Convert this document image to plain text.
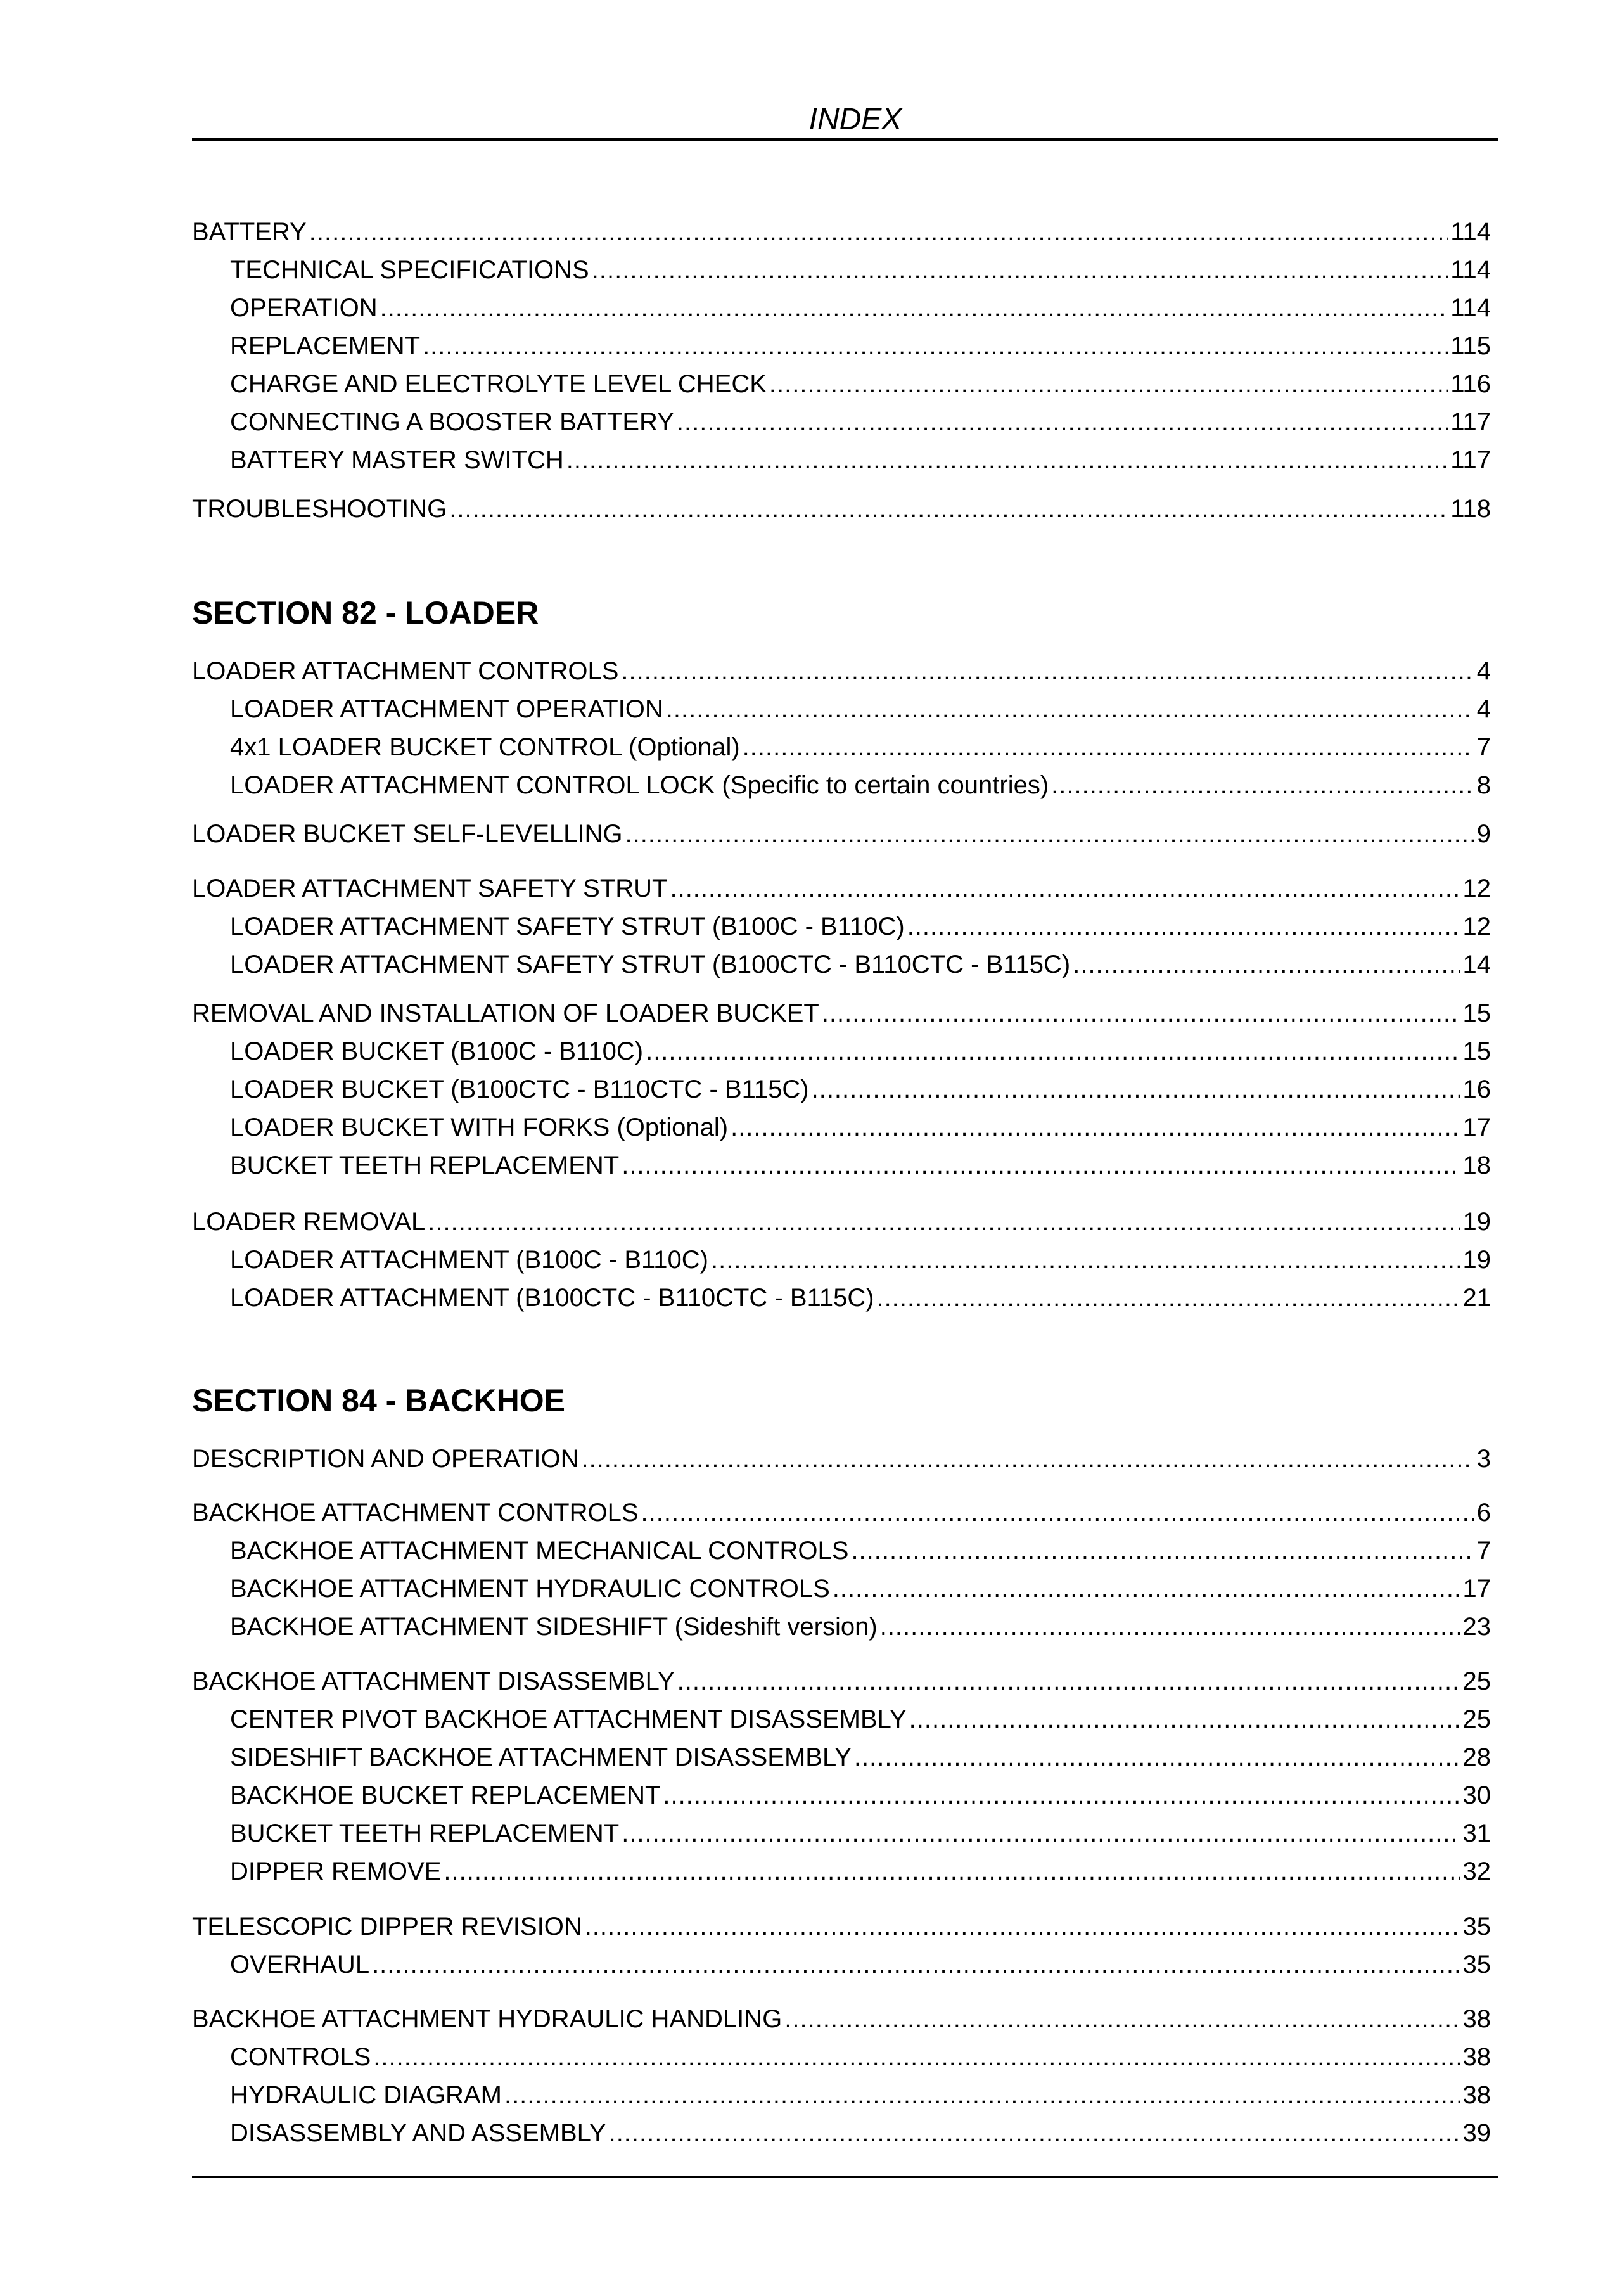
INDEX
BATTERY .....	114
TECHNICAL SPECIFICATIONS .....	114
OPERATION .....	114
REPLACEMENT .....	115
CHARGE AND ELECTROLYTE LEVEL CHECK .....	116
CONNECTING A BOOSTER BATTERY .....	117
BATTERY MASTER SWITCH .....	117
TROUBLESHOOTING .....	118
SECTION 82 - LOADER
LOADER ATTACHMENT CONTROLS .....	4
LOADER ATTACHMENT OPERATION .....	4
4x1 LOADER BUCKET CONTROL (Optional) .....	7
LOADER ATTACHMENT CONTROL LOCK (Specific to certain countries) .....	8
LOADER BUCKET SELF-LEVELLING .....	9
LOADER ATTACHMENT SAFETY STRUT .....	12
LOADER ATTACHMENT SAFETY STRUT (B100C - B110C) .....	12
LOADER ATTACHMENT SAFETY STRUT (B100CTC - B110CTC - B115C) .....	14
REMOVAL AND INSTALLATION OF LOADER BUCKET .....	15
LOADER BUCKET (B100C - B110C) .....	15
LOADER BUCKET (B100CTC - B110CTC - B115C) .....	16
LOADER BUCKET WITH FORKS (Optional) .....	17
BUCKET TEETH REPLACEMENT .....	18
LOADER REMOVAL .....	19
LOADER ATTACHMENT (B100C - B110C) .....	19
LOADER ATTACHMENT (B100CTC - B110CTC - B115C) .....	21
SECTION 84 - BACKHOE
DESCRIPTION AND OPERATION .....	3
BACKHOE ATTACHMENT CONTROLS .....	6
BACKHOE ATTACHMENT MECHANICAL CONTROLS .....	7
BACKHOE ATTACHMENT HYDRAULIC CONTROLS .....	17
BACKHOE ATTACHMENT SIDESHIFT (Sideshift version) .....	23
BACKHOE ATTACHMENT DISASSEMBLY .....	25
CENTER PIVOT BACKHOE ATTACHMENT DISASSEMBLY .....	25
SIDESHIFT BACKHOE ATTACHMENT DISASSEMBLY .....	28
BACKHOE BUCKET REPLACEMENT .....	30
BUCKET TEETH REPLACEMENT .....	31
DIPPER REMOVE .....	32
TELESCOPIC DIPPER REVISION .....	35
OVERHAUL .....	35
BACKHOE ATTACHMENT HYDRAULIC HANDLING .....	38
CONTROLS .....	38
HYDRAULIC DIAGRAM .....	38
DISASSEMBLY AND ASSEMBLY .....	39
